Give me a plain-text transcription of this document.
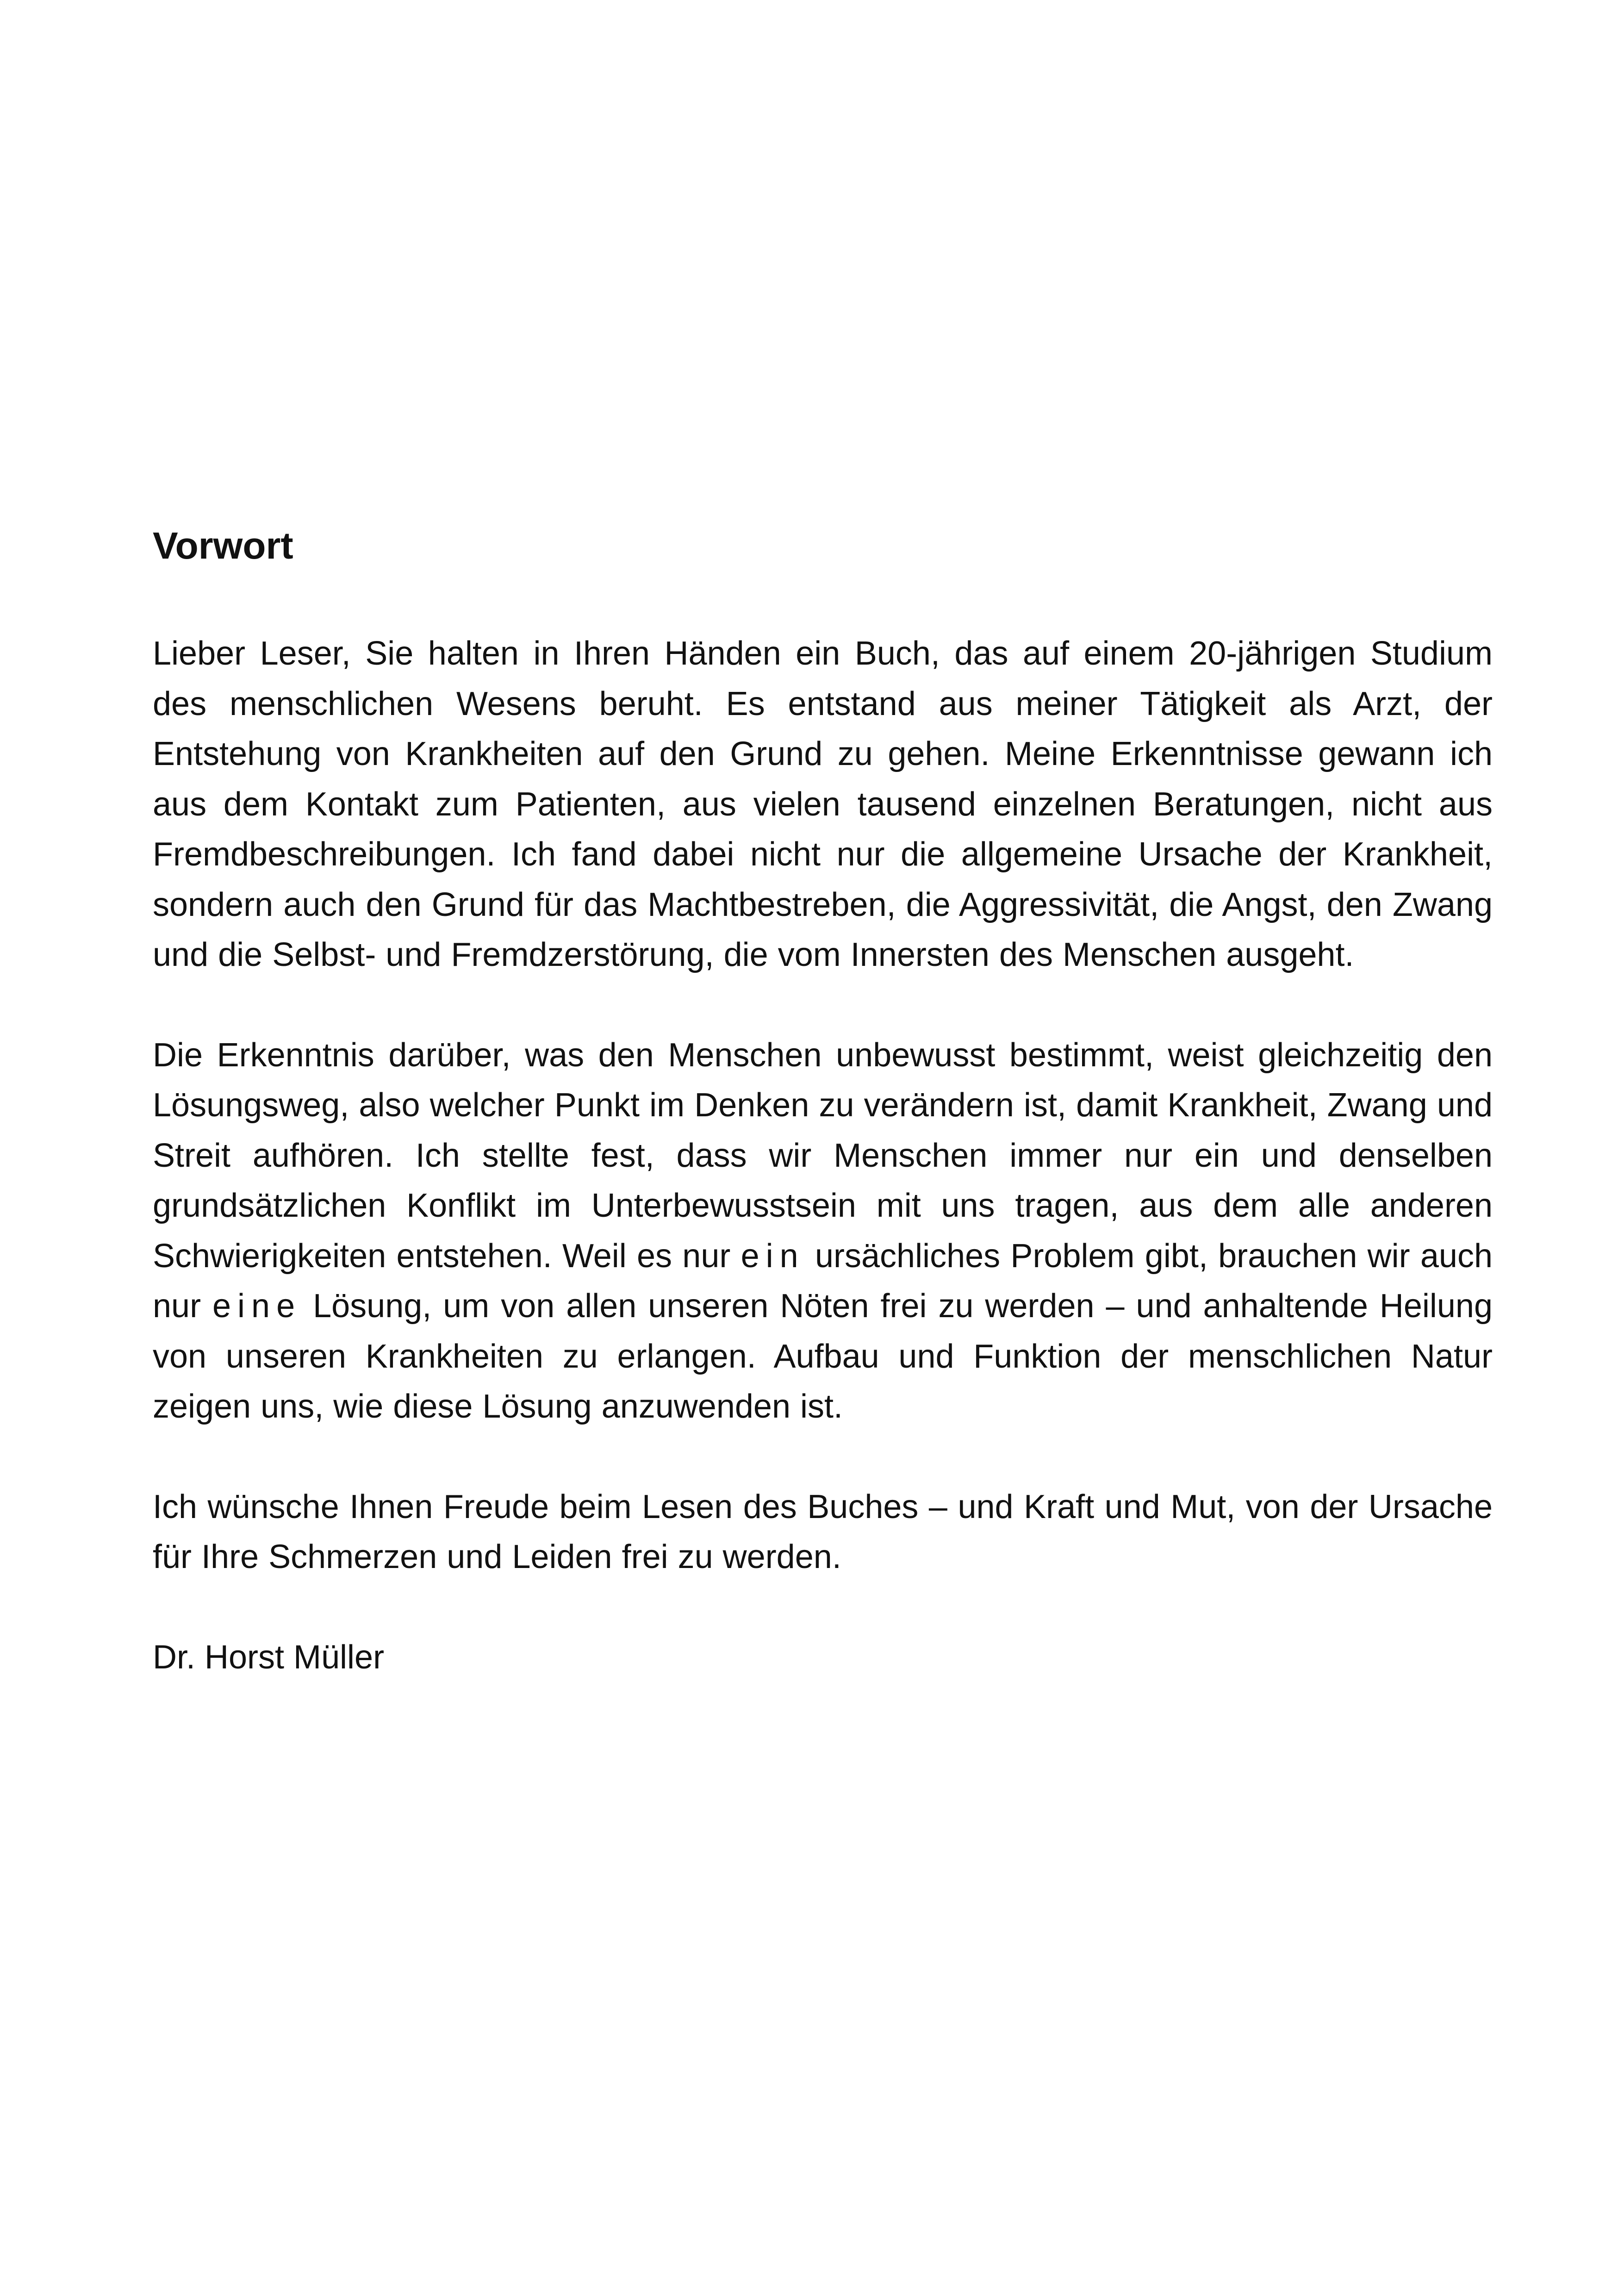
Vorwort

Lieber Leser, Sie halten in Ihren Händen ein Buch, das auf einem 20-jährigen Studium des menschlichen Wesens beruht. Es entstand aus meiner Tätigkeit als Arzt, der Entstehung von Krankheiten auf den Grund zu gehen. Meine Erkenntnisse gewann ich aus dem Kontakt zum Patienten, aus vielen tausend einzelnen Beratungen, nicht aus Fremdbeschreibungen. Ich fand dabei nicht nur die allgemeine Ursache der Krankheit, sondern auch den Grund für das Machtbestreben, die Aggressivität, die Angst, den Zwang und die Selbst- und Fremdzerstörung, die vom Innersten des Menschen ausgeht.

Die Erkenntnis darüber, was den Menschen unbewusst bestimmt, weist gleichzeitig den Lösungsweg, also welcher Punkt im Denken zu verändern ist, damit Krankheit, Zwang und Streit aufhören. Ich stellte fest, dass wir Menschen immer nur ein und denselben grundsätzlichen Konflikt im Unterbewusstsein mit uns tragen, aus dem alle anderen Schwierigkeiten entstehen. Weil es nur ein ursächliches Problem gibt, brauchen wir auch nur eine Lösung, um von allen unseren Nöten frei zu werden – und anhaltende Heilung von unseren Krankheiten zu erlangen. Aufbau und Funktion der menschlichen Natur zeigen uns, wie diese Lösung anzuwenden ist.

Ich wünsche Ihnen Freude beim Lesen des Buches – und Kraft und Mut, von der Ursache für Ihre Schmerzen und Leiden frei zu werden.

Dr. Horst Müller
